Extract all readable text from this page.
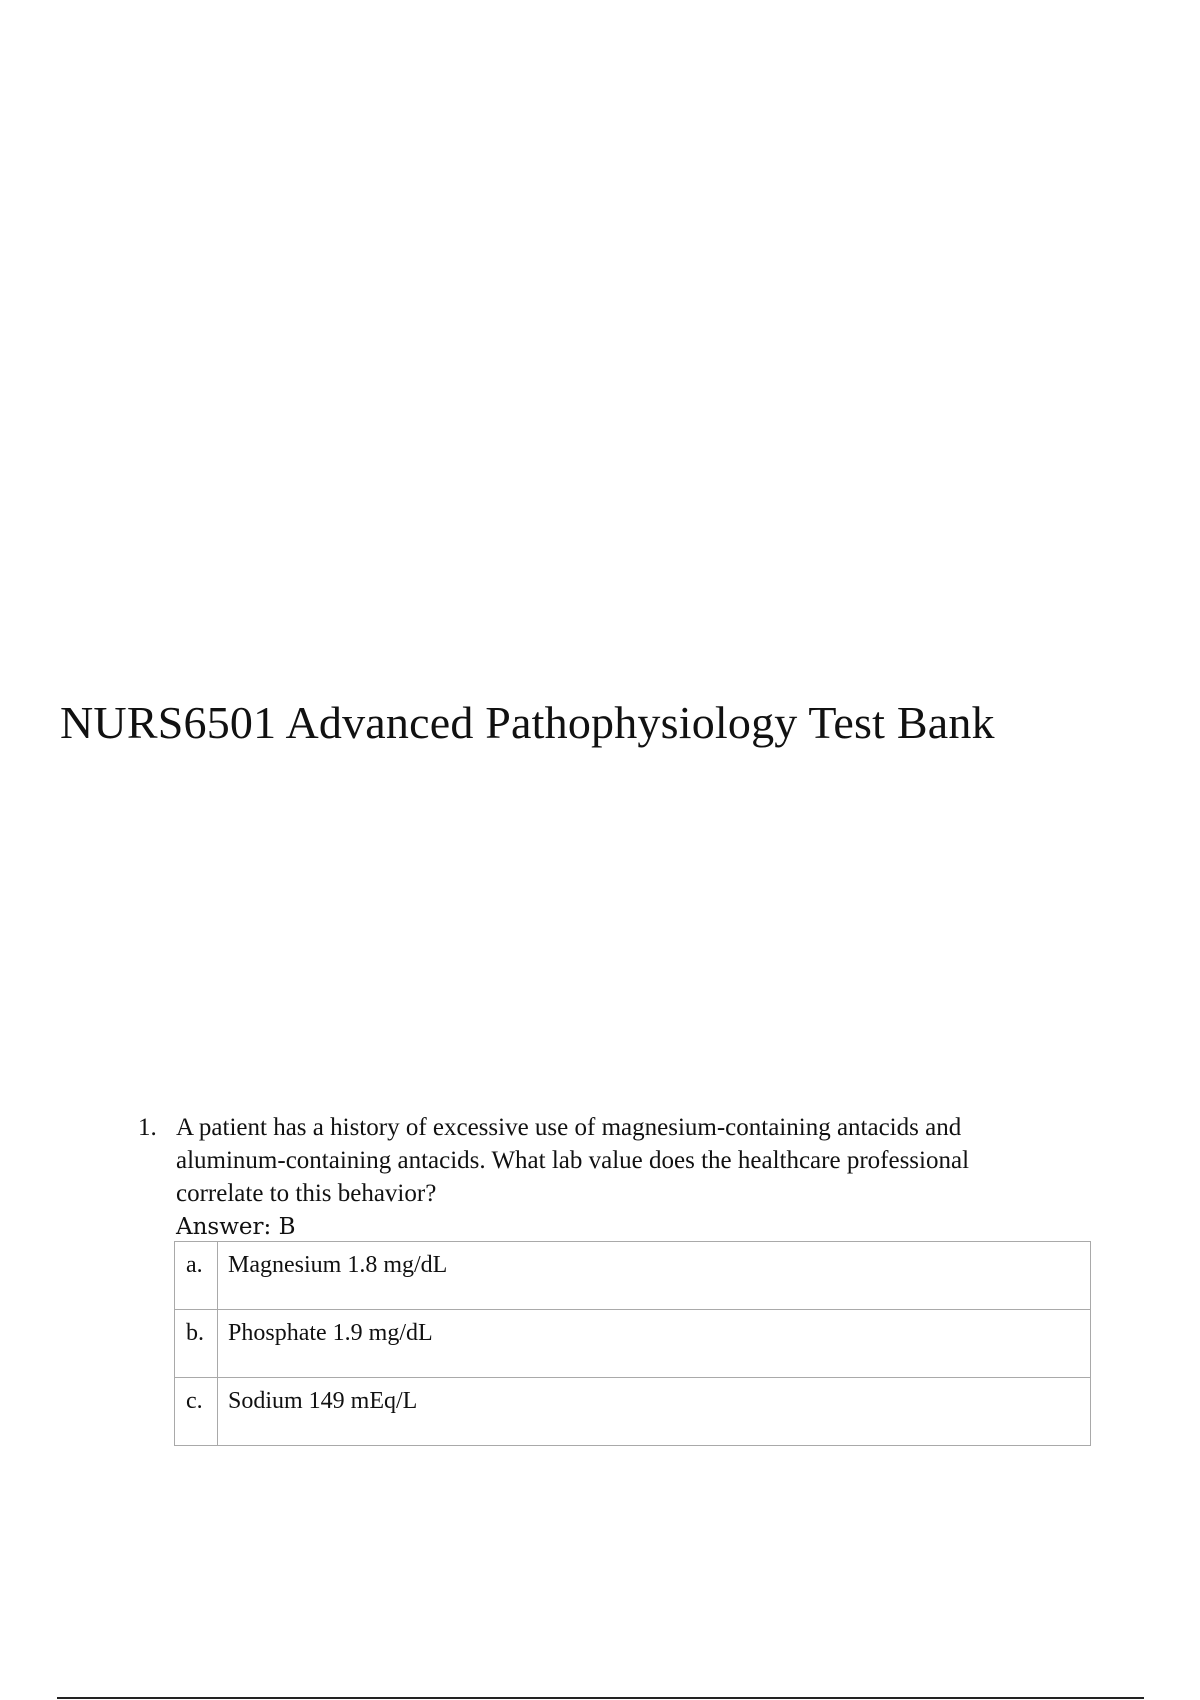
NURS6501 Advanced Pathophysiology Test Bank
1. A patient has a history of excessive use of magnesium-containing antacids and aluminum-containing antacids. What lab value does the healthcare professional correlate to this behavior?
Answer: B
a.	Magnesium 1.8 mg/dL
b.	Phosphate 1.9 mg/dL
c.	Sodium 149 mEq/L
